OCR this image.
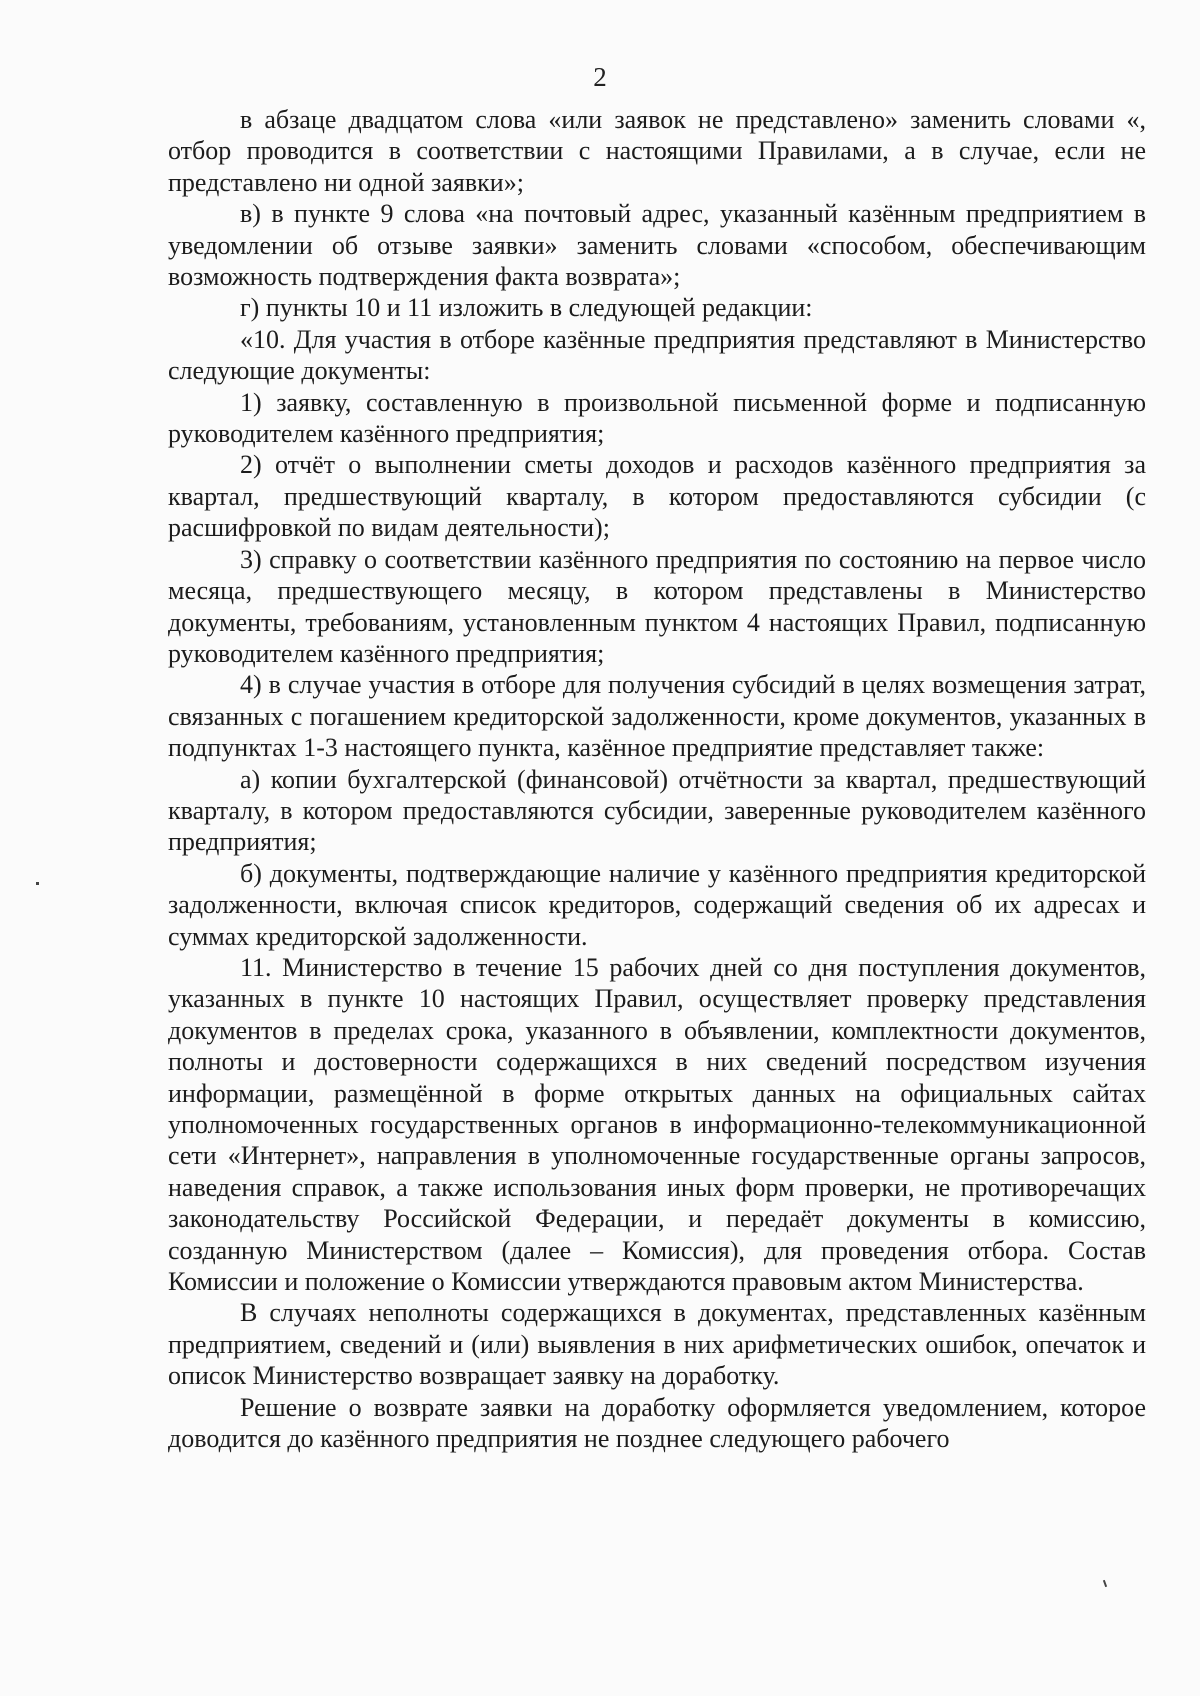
2

в абзаце двадцатом слова «или заявок не представлено» заменить словами «, отбор проводится в соответствии с настоящими Правилами, а в случае, если не представлено ни одной заявки»;

в) в пункте 9 слова «на почтовый адрес, указанный казённым предприятием в уведомлении об отзыве заявки» заменить словами «способом, обеспечивающим возможность подтверждения факта возврата»;

г) пункты 10 и 11 изложить в следующей редакции:

«10. Для участия в отборе казённые предприятия представляют в Министерство следующие документы:

1) заявку, составленную в произвольной письменной форме и подписанную руководителем казённого предприятия;

2) отчёт о выполнении сметы доходов и расходов казённого предприятия за квартал, предшествующий кварталу, в котором предоставляются субсидии (с расшифровкой по видам деятельности);

3) справку о соответствии казённого предприятия по состоянию на первое число месяца, предшествующего месяцу, в котором представлены в Министерство документы, требованиям, установленным пунктом 4 настоящих Правил, подписанную руководителем казённого предприятия;

4) в случае участия в отборе для получения субсидий в целях возмещения затрат, связанных с погашением кредиторской задолженности, кроме документов, указанных в подпунктах 1-3 настоящего пункта, казённое предприятие представляет также:

а) копии бухгалтерской (финансовой) отчётности за квартал, предшествующий кварталу, в котором предоставляются субсидии, заверенные руководителем казённого предприятия;

б) документы, подтверждающие наличие у казённого предприятия кредиторской задолженности, включая список кредиторов, содержащий сведения об их адресах и суммах кредиторской задолженности.

11. Министерство в течение 15 рабочих дней со дня поступления документов, указанных в пункте 10 настоящих Правил, осуществляет проверку представления документов в пределах срока, указанного в объявлении, комплектности документов, полноты и достоверности содержащихся в них сведений посредством изучения информации, размещённой в форме открытых данных на официальных сайтах уполномоченных государственных органов в информационно-телекоммуникационной сети «Интернет», направления в уполномоченные государственные органы запросов, наведения справок, а также использования иных форм проверки, не противоречащих законодательству Российской Федерации, и передаёт документы в комиссию, созданную Министерством (далее – Комиссия), для проведения отбора. Состав Комиссии и положение о Комиссии утверждаются правовым актом Министерства.

В случаях неполноты содержащихся в документах, представленных казённым предприятием, сведений и (или) выявления в них арифметических ошибок, опечаток и описок Министерство возвращает заявку на доработку.

Решение о возврате заявки на доработку оформляется уведомлением, которое доводится до казённого предприятия не позднее следующего рабочего
